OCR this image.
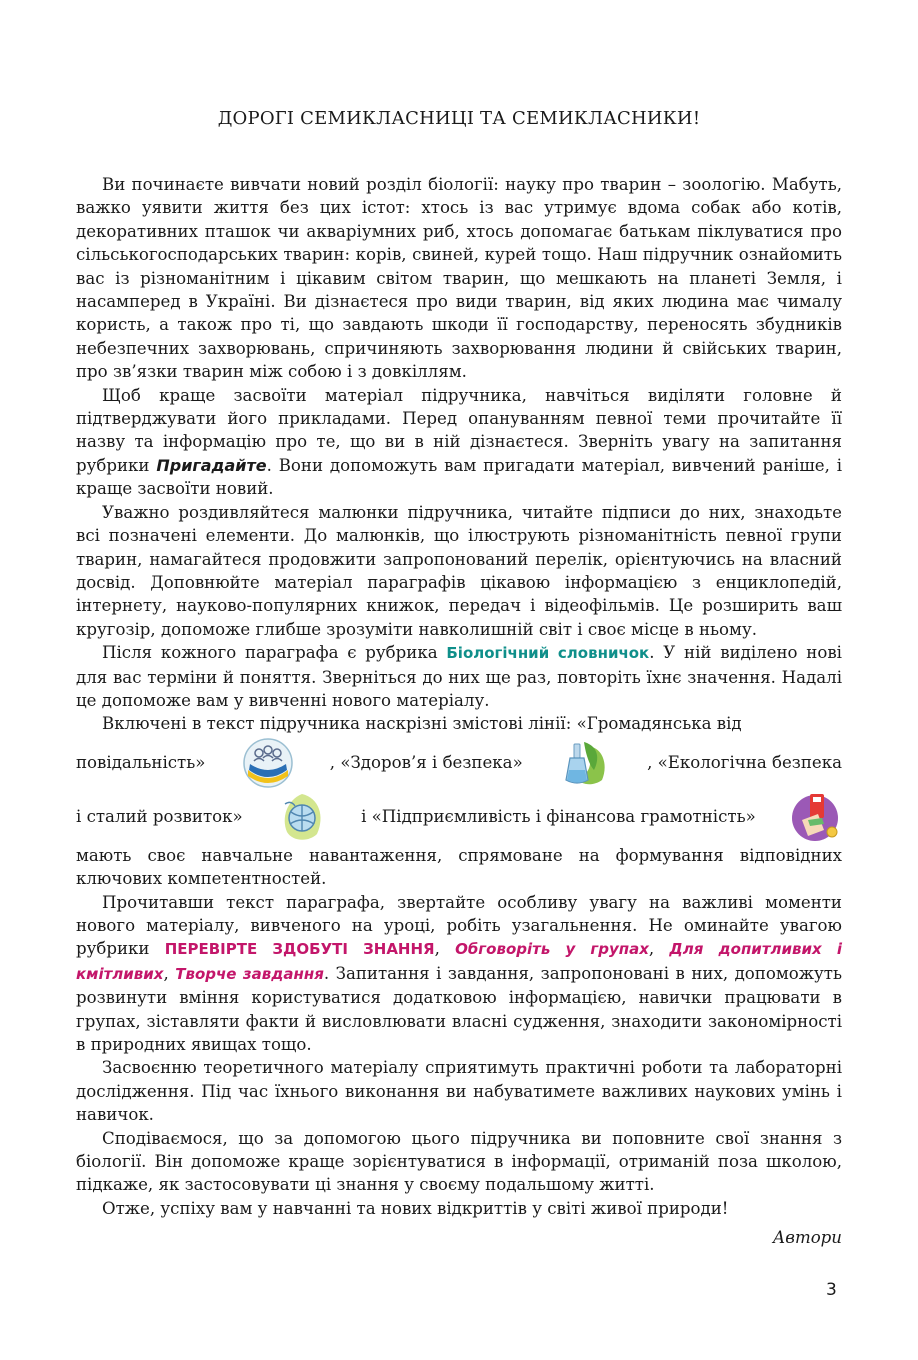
ДОРОГІ СЕМИКЛАСНИЦІ ТА СЕМИКЛАСНИКИ!

Ви починаєте вивчати новий розділ біології: науку про тварин – зоологію. Мабуть, важко уявити життя без цих істот: хтось із вас утримує вдома собак або котів, декоративних пташок чи акваріумних риб, хтось допомагає батькам піклуватися про сільськогосподарських тварин: корів, свиней, курей тощо. Наш підручник ознайомить вас із різноманітним і цікавим світом тварин, що мешкають на планеті Земля, і насамперед в Україні. Ви дізнаєтеся про види тварин, від яких людина має чималу користь, а також про ті, що завдають шкоди її господарству, переносять збудників небезпечних захворювань, спричиняють захворювання людини й свійських тварин, про зв’язки тварин між собою і з довкіллям.

Щоб краще засвоїти матеріал підручника, навчіться виділяти головне й підтверджувати його прикладами. Перед опануванням певної теми прочитайте її назву та інформацію про те, що ви в ній дізнаєтеся. Зверніть увагу на запитання рубрики Пригадайте. Вони допоможуть вам пригадати матеріал, вивчений раніше, і краще засвоїти новий.

Уважно роздивляйтеся малюнки підручника, читайте підписи до них, знаходьте всі позначені елементи. До малюнків, що ілюструють різноманітність певної групи тварин, намагайтеся продовжити запропонований перелік, орієнтуючись на власний досвід. Доповнюйте матеріал параграфів цікавою інформацією з енциклопедій, інтернету, науково-популярних книжок, передач і відеофільмів. Це розширить ваш кругозір, допоможе глибше зрозуміти навколишній світ і своє місце в ньому.

Після кожного параграфа є рубрика Біологічний словничок. У ній виділено нові для вас терміни й поняття. Зверніться до них ще раз, повторіть їхнє значення. Надалі це допоможе вам у вивченні нового матеріалу.

Включені в текст підручника наскрізні змістові лінії: «Громадянська від

повідальність»	, «Здоров’я і безпека»	, «Екологічна безпека
і сталий розвиток»	і «Підприємливість і фінансова грамотність»

мають своє навчальне навантаження, спрямоване на формування відповідних ключових компетентностей.

Прочитавши текст параграфа, звертайте особливу увагу на важливі моменти нового матеріалу, вивченого на уроці, робіть узагальнення. Не оминайте увагою рубрики ПЕРЕВІРТЕ ЗДОБУТІ ЗНАННЯ, Обговоріть у групах, Для допитливих і кмітливих, Творче завдання. Запитання і завдання, запропоновані в них, допоможуть розвинути вміння користуватися додатковою інформацією, навички працювати в групах, зіставляти факти й висловлювати власні судження, знаходити закономірності в природних явищах тощо.

Засвоєнню теоретичного матеріалу сприятимуть практичні роботи та лабораторні дослідження. Під час їхнього виконання ви набуватимете важливих наукових умінь і навичок.

Сподіваємося, що за допомогою цього підручника ви поповните свої знання з біології. Він допоможе краще зорієнтуватися в інформації, отриманій поза школою, підкаже, як застосовувати ці знання у своєму подальшому житті.

Отже, успіху вам у навчанні та нових відкриттів у світі живої природи!

Автори
3
